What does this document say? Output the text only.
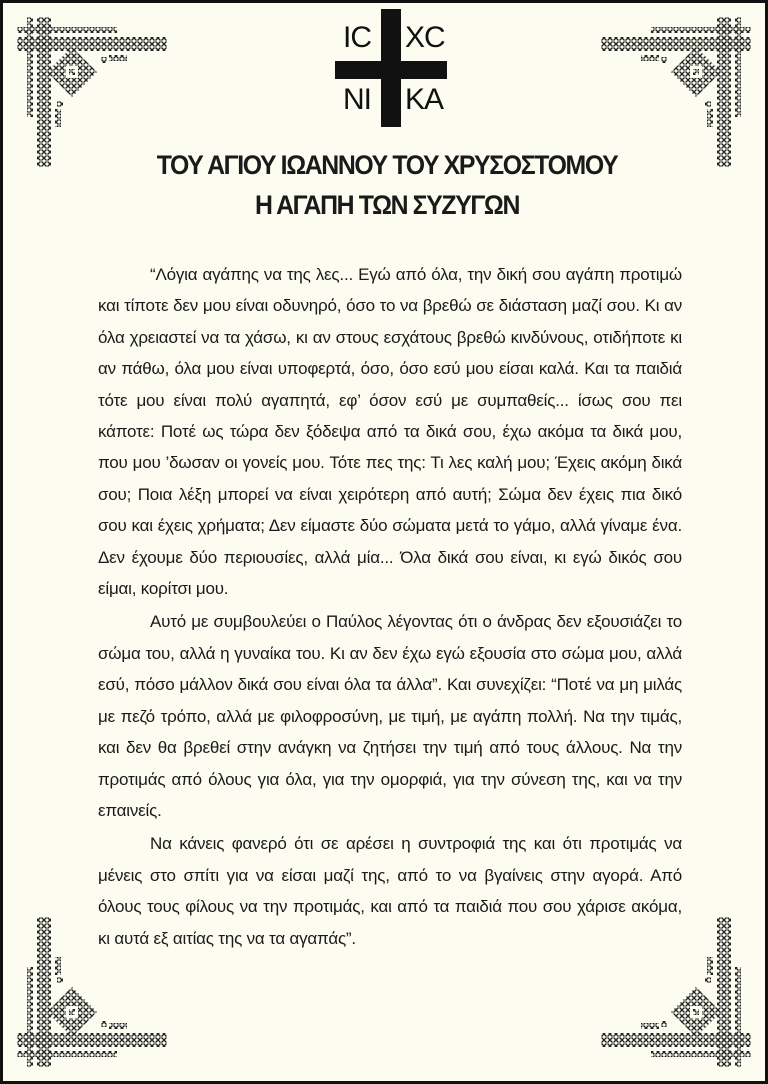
IC XC
NI KA
ΤΟΥ ΑΓΙΟΥ ΙΩΑΝΝΟΥ ΤΟΥ ΧΡΥΣΟΣΤΟΜΟΥ
Η ΑΓΑΠΗ ΤΩΝ ΣΥΖΥΓΩΝ

“Λόγια αγάπης να της λες... Εγώ από όλα, την δική σου αγάπη προτιμώ και τίποτε δεν μου είναι οδυνηρό, όσο το να βρεθώ σε διάσταση μαζί σου. Κι αν όλα χρειαστεί να τα χάσω, κι αν στους εσχάτους βρεθώ κινδύνους, οτιδήποτε κι αν πάθω, όλα μου είναι υποφερτά, όσο, όσο εσύ μου είσαι καλά. Και τα παιδιά τότε μου είναι πολύ αγαπητά, εφ’ όσον εσύ με συμπαθείς... ίσως σου πει κάποτε: Ποτέ ως τώρα δεν ξόδεψα από τα δικά σου, έχω ακόμα τα δικά μου, που μου ’δωσαν οι γονείς μου. Τότε πες της: Τι λες καλή μου; Έχεις ακόμη δικά σου; Ποια λέξη μπορεί να είναι χειρότερη από αυτή; Σώμα δεν έχεις πια δικό σου και έχεις χρήματα; Δεν είμαστε δύο σώματα μετά το γάμο, αλλά γίναμε ένα. Δεν έχουμε δύο περιουσίες, αλλά μία... Όλα δικά σου είναι, κι εγώ δικός σου είμαι, κορίτσι μου.

Αυτό με συμβουλεύει ο Παύλος λέγοντας ότι ο άνδρας δεν εξουσιάζει το σώμα του, αλλά η γυναίκα του. Κι αν δεν έχω εγώ εξουσία στο σώμα μου, αλλά εσύ, πόσο μάλλον δικά σου είναι όλα τα άλλα”. Και συνεχίζει: “Ποτέ να μη μιλάς με πεζό τρόπο, αλλά με φιλοφροσύνη, με τιμή, με αγάπη πολλή. Να την τιμάς, και δεν θα βρεθεί στην ανάγκη να ζητήσει την τιμή από τους άλλους. Να την προτιμάς από όλους για όλα, για την ομορφιά, για την σύνεση της, και να την επαινείς.

Να κάνεις φανερό ότι σε αρέσει η συντροφιά της και ότι προτιμάς να μένεις στο σπίτι για να είσαι μαζί της, από το να βγαίνεις στην αγορά. Από όλους τους φίλους να την προτιμάς, και από τα παιδιά που σου χάρισε ακόμα, κι αυτά εξ αιτίας της να τα αγαπάς”.
